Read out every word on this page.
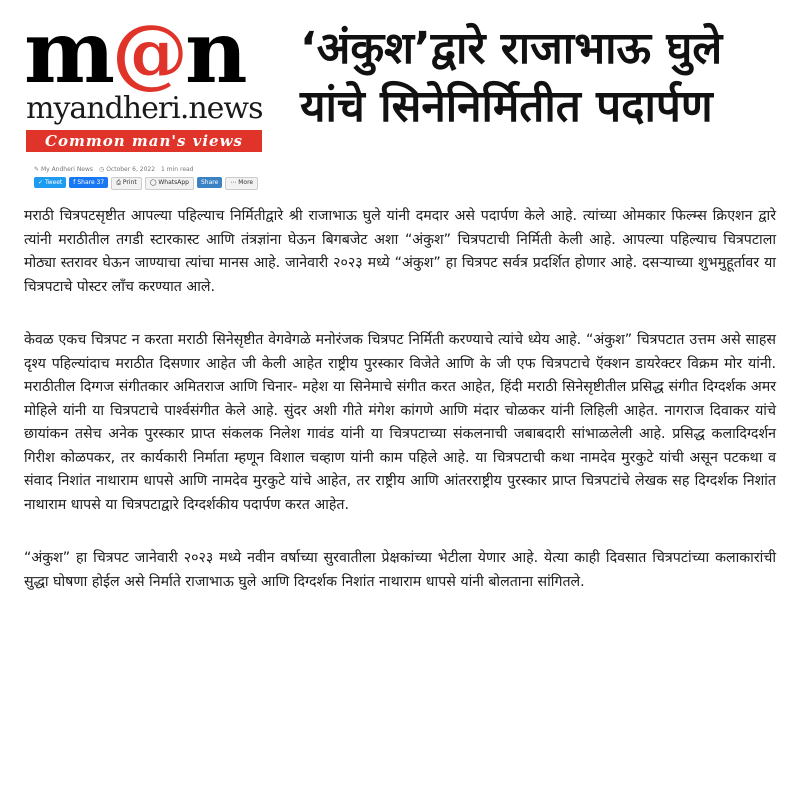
m @ n
myandheri.news
Common man's views
✎ My Andheri News ◷ October 6, 2022 1 min read
✓ Tweet	f Share 37	⎙ Print	◯ WhatsApp	Share	⋯ More
‘अंकुश’द्वारे राजाभाऊ घुले यांचे सिनेनिर्मितीत पदार्पण

मराठी चित्रपटसृष्टीत आपल्या पहिल्याच निर्मितीद्वारे श्री राजाभाऊ घुले यांनी दमदार असे पदार्पण केले आहे. त्यांच्या ओमकार फिल्म्स क्रिएशन द्वारे त्यांनी मराठीतील तगडी स्टारकास्ट आणि तंत्रज्ञांना घेऊन बिगबजेट अशा “अंकुश” चित्रपटाची निर्मिती केली आहे. आपल्या पहिल्याच चित्रपटाला मोठ्या स्तरावर घेऊन जाण्याचा त्यांचा मानस आहे. जानेवारी २०२३ मध्ये “अंकुश” हा चित्रपट सर्वत्र प्रदर्शित होणार आहे. दसऱ्याच्या शुभमुहूर्तावर या चित्रपटाचे पोस्टर लाँच करण्यात आले.

केवळ एकच चित्रपट न करता मराठी सिनेसृष्टीत वेगवेगळे मनोरंजक चित्रपट निर्मिती करण्याचे त्यांचे ध्येय आहे. “अंकुश” चित्रपटात उत्तम असे साहस दृश्य पहिल्यांदाच मराठीत दिसणार आहेत जी केली आहेत राष्ट्रीय पुरस्कार विजेते आणि के जी एफ चित्रपटाचे ऍक्शन डायरेक्टर विक्रम मोर यांनी. मराठीतील दिग्गज संगीतकार अमितराज आणि चिनार- महेश या सिनेमाचे संगीत करत आहेत, हिंदी मराठी सिनेसृष्टीतील प्रसिद्ध संगीत दिग्दर्शक अमर मोहिले यांनी या चित्रपटाचे पार्श्वसंगीत केले आहे. सुंदर अशी गीते मंगेश कांगणे आणि मंदार चोळकर यांनी लिहिली आहेत. नागराज दिवाकर यांचे छायांकन तसेच अनेक पुरस्कार प्राप्त संकलक निलेश गावंड यांनी या चित्रपटाच्या संकलनाची जबाबदारी सांभाळलेली आहे. प्रसिद्ध कलादिग्दर्शन गिरीश कोळपकर, तर कार्यकारी निर्माता म्हणून विशाल चव्हाण यांनी काम पहिले आहे. या चित्रपटाची कथा नामदेव मुरकुटे यांची असून पटकथा व संवाद निशांत नाथाराम धापसे आणि नामदेव मुरकुटे यांचे आहेत, तर राष्ट्रीय आणि आंतरराष्ट्रीय पुरस्कार प्राप्त चित्रपटांचे लेखक सह दिग्दर्शक निशांत नाथाराम धापसे या चित्रपटाद्वारे दिग्दर्शकीय पदार्पण करत आहेत.

“अंकुश” हा चित्रपट जानेवारी २०२३ मध्ये नवीन वर्षाच्या सुरवातीला प्रेक्षकांच्या भेटीला येणार आहे. येत्या काही दिवसात चित्रपटांच्या कलाकारांची सुद्धा घोषणा होईल असे निर्माते राजाभाऊ घुले आणि दिग्दर्शक निशांत नाथाराम धापसे यांनी बोलताना सांगितले.
